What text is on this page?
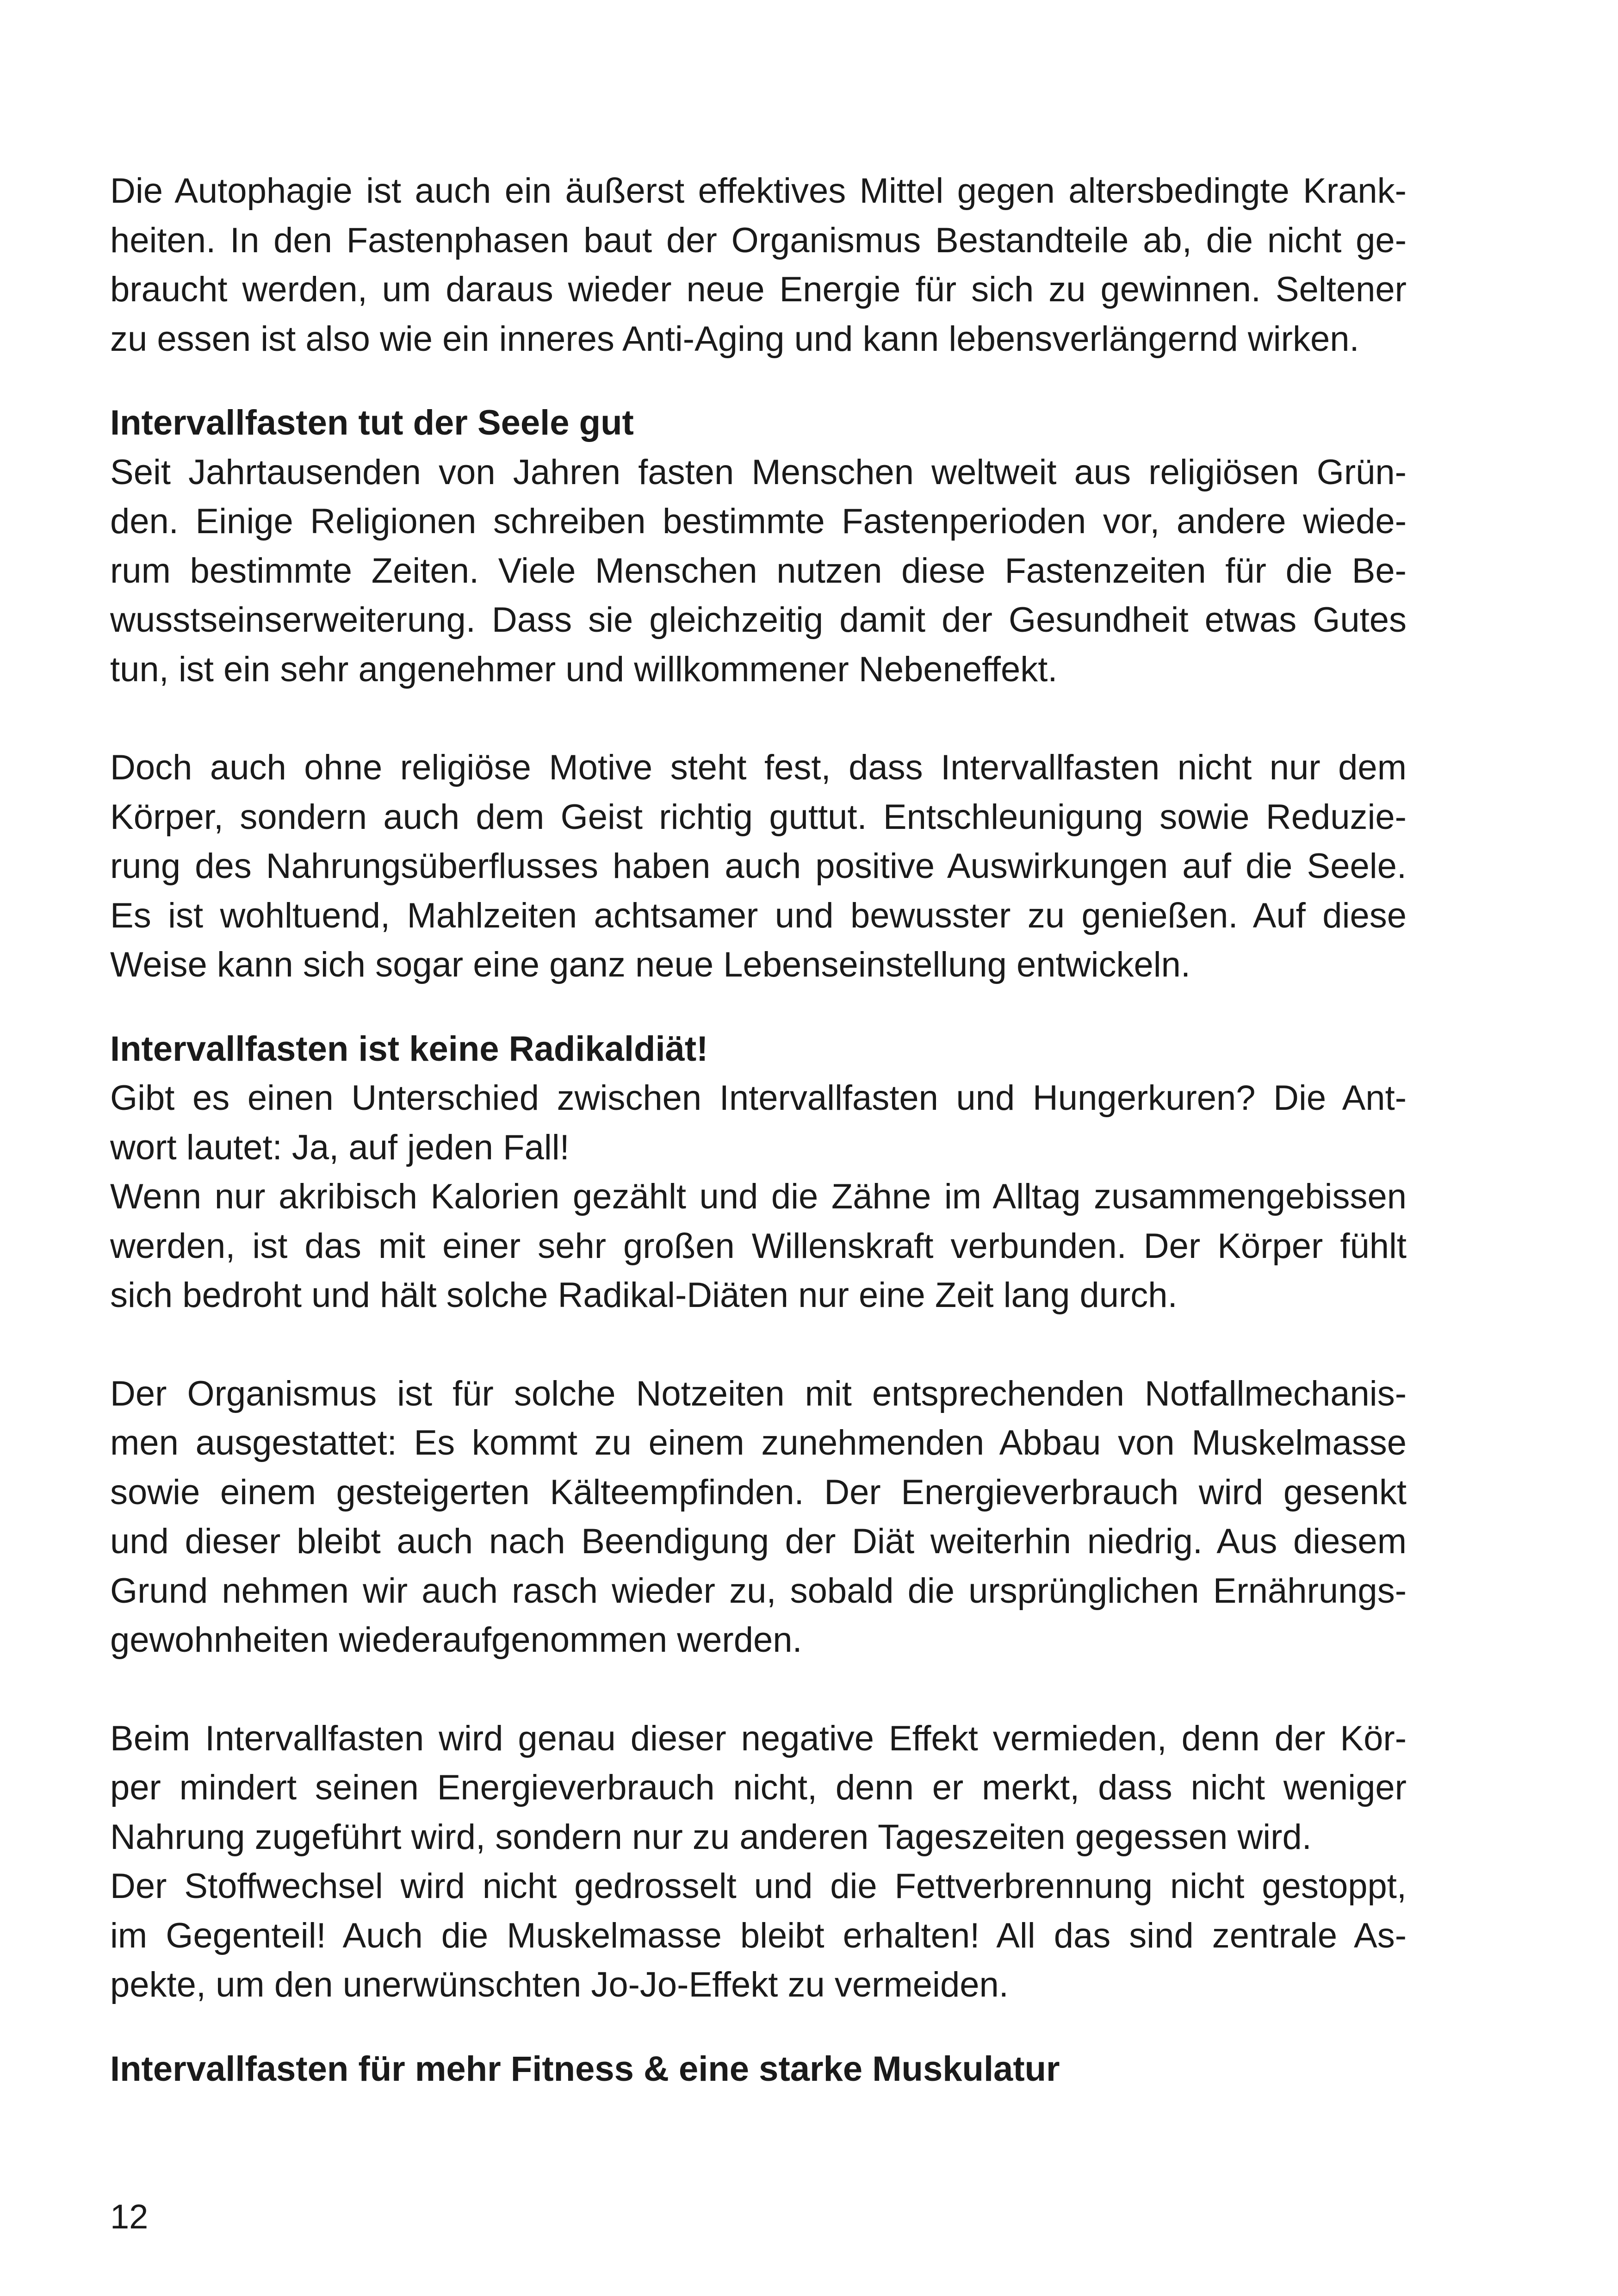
Die Autophagie ist auch ein äußerst effektives Mittel gegen altersbedingte Krank-
heiten. In den Fastenphasen baut der Organismus Bestandteile ab, die nicht ge-
braucht werden, um daraus wieder neue Energie für sich zu gewinnen. Seltener
zu essen ist also wie ein inneres Anti-Aging und kann lebensverlängernd wirken.

Intervallfasten tut der Seele gut

Seit Jahrtausenden von Jahren fasten Menschen weltweit aus religiösen Grün-
den. Einige Religionen schreiben bestimmte Fastenperioden vor, andere wiede-
rum bestimmte Zeiten. Viele Menschen nutzen diese Fastenzeiten für die Be-
wusstseinserweiterung. Dass sie gleichzeitig damit der Gesundheit etwas Gutes
tun, ist ein sehr angenehmer und willkommener Nebeneffekt.

Doch auch ohne religiöse Motive steht fest, dass Intervallfasten nicht nur dem
Körper, sondern auch dem Geist richtig guttut. Entschleunigung sowie Reduzie-
rung des Nahrungsüberflusses haben auch positive Auswirkungen auf die Seele.
Es ist wohltuend, Mahlzeiten achtsamer und bewusster zu genießen. Auf diese
Weise kann sich sogar eine ganz neue Lebenseinstellung entwickeln.

Intervallfasten ist keine Radikaldiät!

Gibt es einen Unterschied zwischen Intervallfasten und Hungerkuren? Die Ant-
wort lautet: Ja, auf jeden Fall!

Wenn nur akribisch Kalorien gezählt und die Zähne im Alltag zusammengebissen
werden, ist das mit einer sehr großen Willenskraft verbunden. Der Körper fühlt
sich bedroht und hält solche Radikal-Diäten nur eine Zeit lang durch.

Der Organismus ist für solche Notzeiten mit entsprechenden Notfallmechanis-
men ausgestattet: Es kommt zu einem zunehmenden Abbau von Muskelmasse
sowie einem gesteigerten Kälteempfinden. Der Energieverbrauch wird gesenkt
und dieser bleibt auch nach Beendigung der Diät weiterhin niedrig. Aus diesem
Grund nehmen wir auch rasch wieder zu, sobald die ursprünglichen Ernährungs-
gewohnheiten wiederaufgenommen werden.

Beim Intervallfasten wird genau dieser negative Effekt vermieden, denn der Kör-
per mindert seinen Energieverbrauch nicht, denn er merkt, dass nicht weniger
Nahrung zugeführt wird, sondern nur zu anderen Tageszeiten gegessen wird.

Der Stoffwechsel wird nicht gedrosselt und die Fettverbrennung nicht gestoppt,
im Gegenteil! Auch die Muskelmasse bleibt erhalten! All das sind zentrale As-
pekte, um den unerwünschten Jo-Jo-Effekt zu vermeiden.

Intervallfasten für mehr Fitness & eine starke Muskulatur
12
